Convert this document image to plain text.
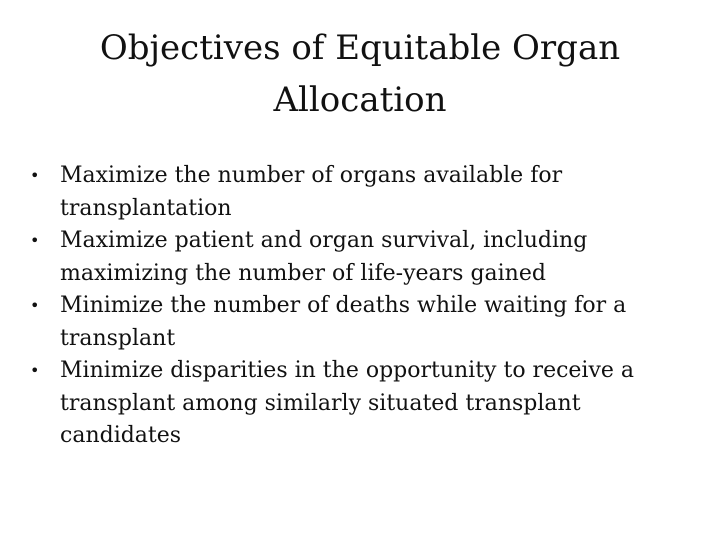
Objectives of Equitable Organ
Allocation
• Maximize the number of organs available for
transplantation
• Maximize patient and organ survival, including
maximizing the number of life-years gained
• Minimize the number of deaths while waiting for a
transplant
• Minimize disparities in the opportunity to receive a
transplant among similarly situated transplant
candidates
